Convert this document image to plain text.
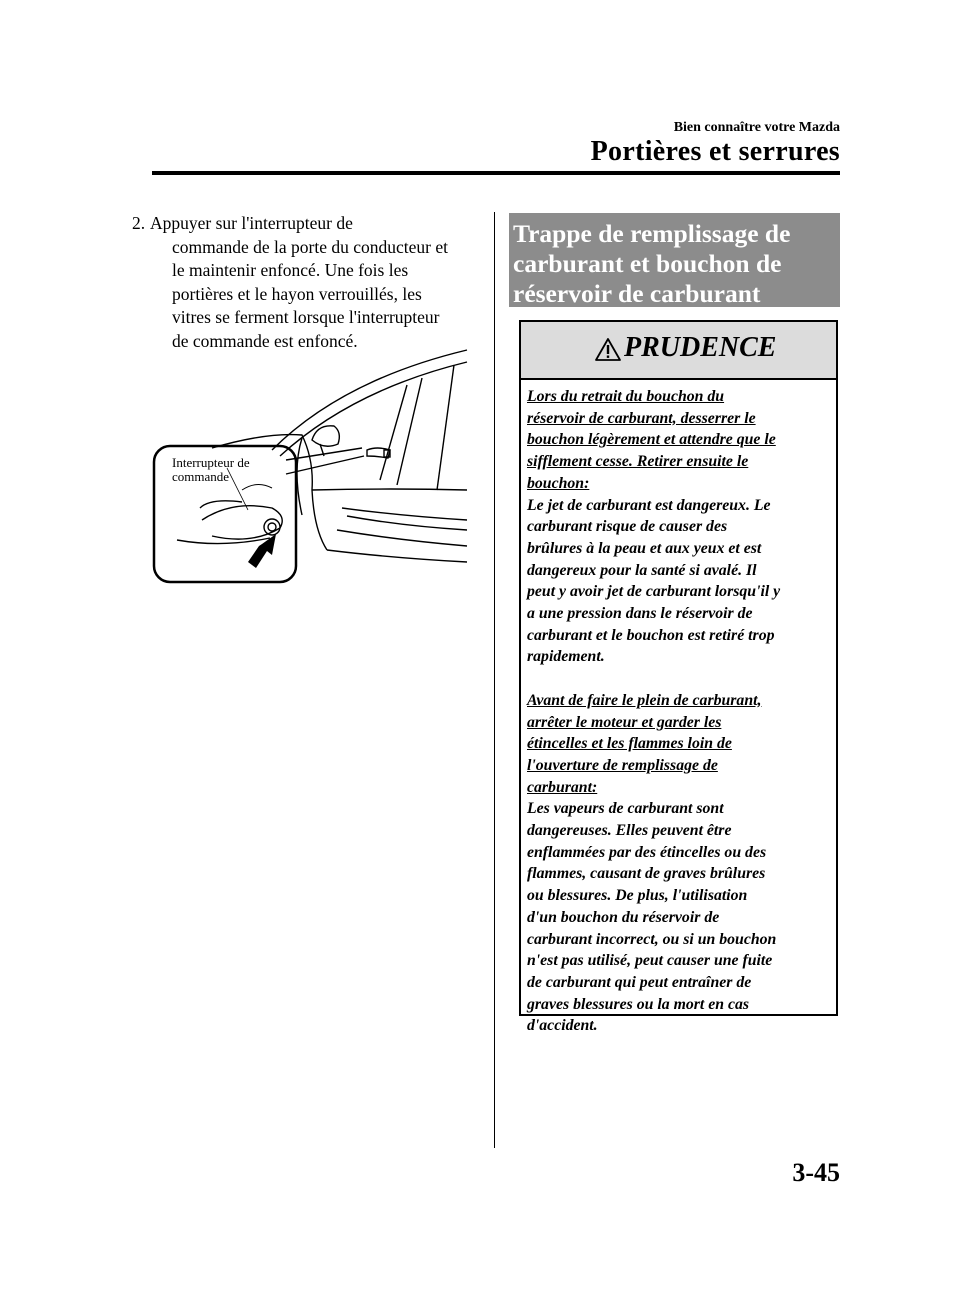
Bien connaître votre Mazda
Portières et serrures
2. Appuyer sur l'interrupteur de
commande de la porte du conducteur et
le maintenir enfoncé. Une fois les
portières et le hayon verrouillés, les
vitres se ferment lorsque l'interrupteur
de commande est enfoncé.
Interrupteur de
commande
Trappe de remplissage de
carburant et bouchon de
réservoir de carburant
PRUDENCE

Lors du retrait du bouchon du
réservoir de carburant, desserrer le
bouchon légèrement et attendre que le
sifflement cesse. Retirer ensuite le
bouchon:

Le jet de carburant est dangereux. Le
carburant risque de causer des
brûlures à la peau et aux yeux et est
dangereux pour la santé si avalé. Il
peut y avoir jet de carburant lorsqu'il y
a une pression dans le réservoir de
carburant et le bouchon est retiré trop
rapidement.

Avant de faire le plein de carburant,
arrêter le moteur et garder les
étincelles et les flammes loin de
l'ouverture de remplissage de
carburant:

Les vapeurs de carburant sont
dangereuses. Elles peuvent être
enflammées par des étincelles ou des
flammes, causant de graves brûlures
ou blessures. De plus, l'utilisation
d'un bouchon du réservoir de
carburant incorrect, ou si un bouchon
n'est pas utilisé, peut causer une fuite
de carburant qui peut entraîner de
graves blessures ou la mort en cas
d'accident.

3-45
